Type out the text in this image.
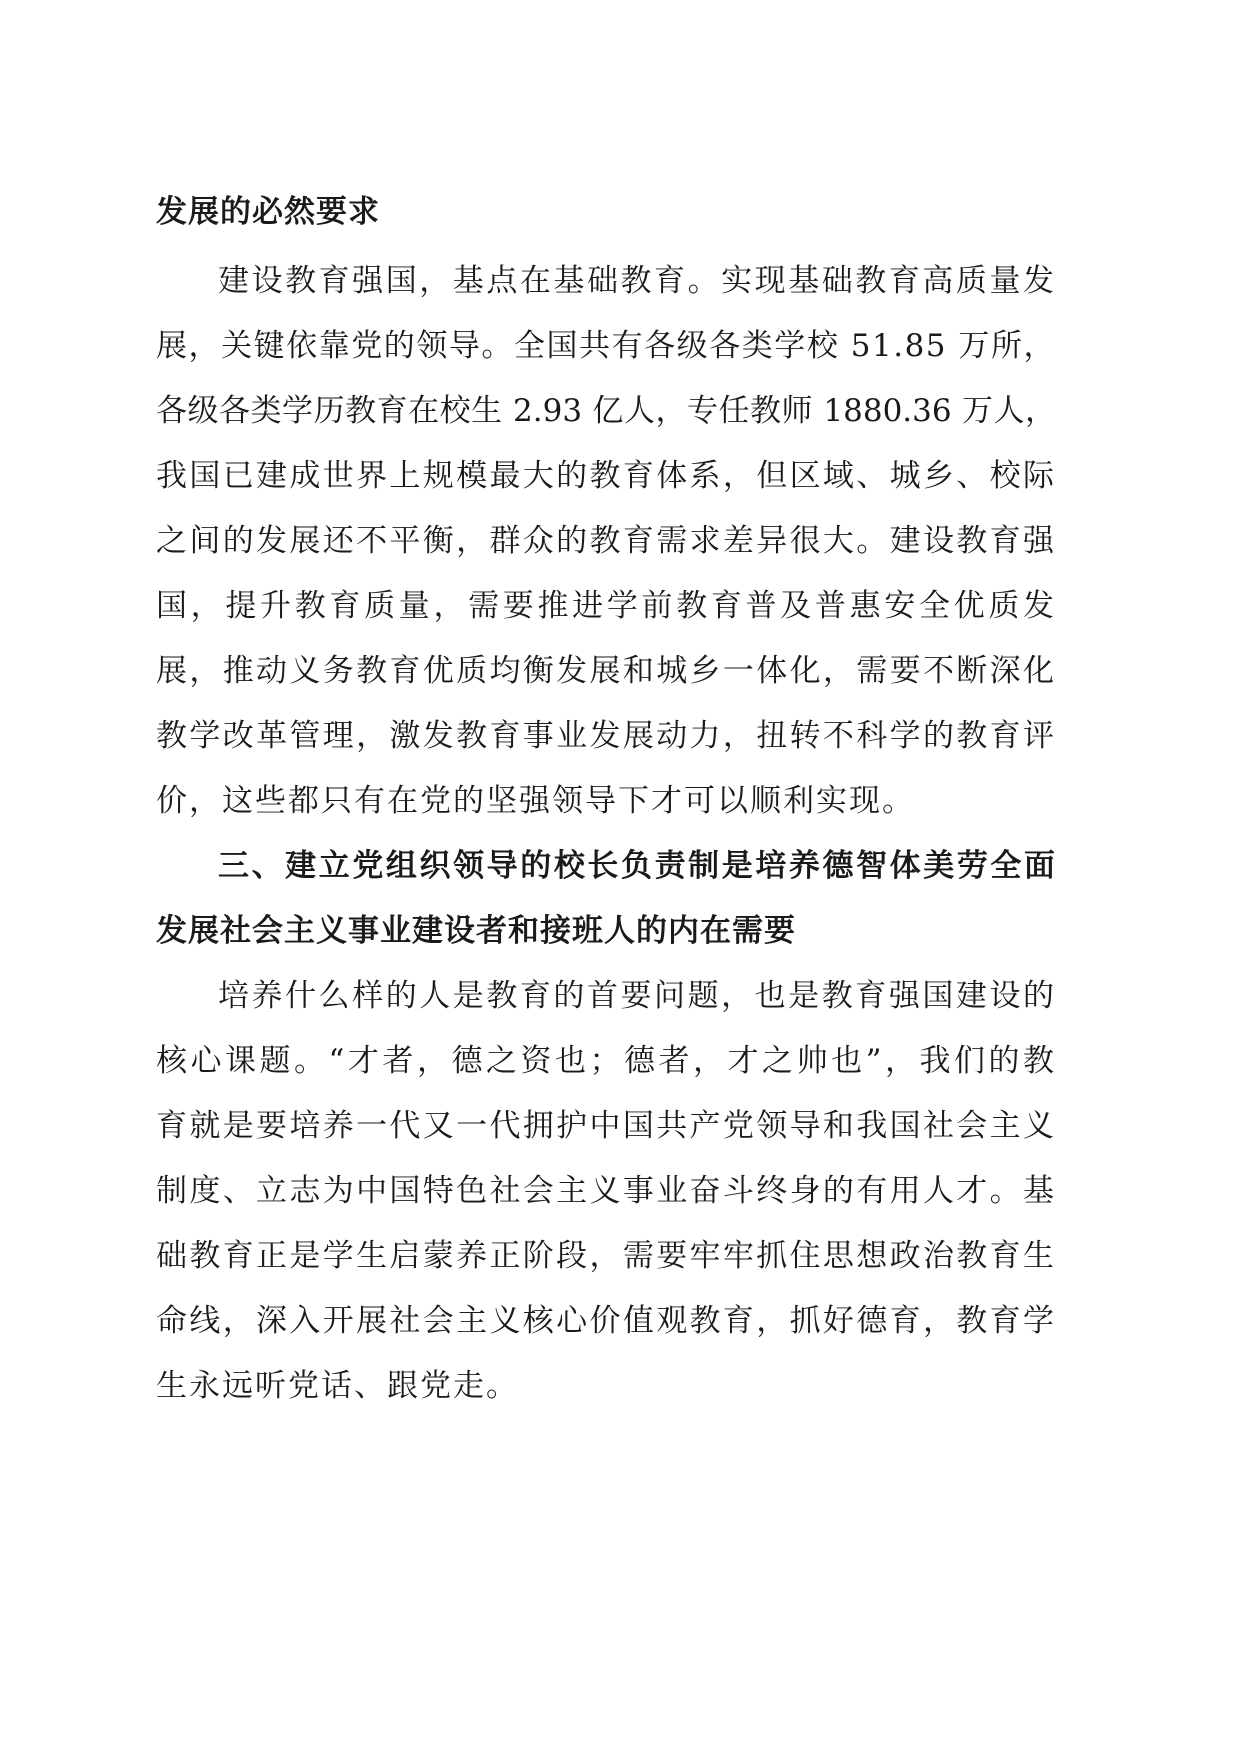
发展的必然要求

建设教育强国，基点在基础教育。实现基础教育高质量发

展，关键依靠党的领导。全国共有各级各类学校 51.85 万所，

各级各类学历教育在校生 2.93 亿人，专任教师 1880.36 万人，

我国已建成世界上规模最大的教育体系，但区域、城乡、校际

之间的发展还不平衡，群众的教育需求差异很大。建设教育强

国，提升教育质量，需要推进学前教育普及普惠安全优质发

展，推动义务教育优质均衡发展和城乡一体化，需要不断深化

教学改革管理，激发教育事业发展动力，扭转不科学的教育评

价，这些都只有在党的坚强领导下才可以顺利实现。

三、建立党组织领导的校长负责制是培养德智体美劳全面

发展社会主义事业建设者和接班人的内在需要

培养什么样的人是教育的首要问题，也是教育强国建设的

核心课题。“才者，德之资也；德者，才之帅也”，我们的教

育就是要培养一代又一代拥护中国共产党领导和我国社会主义

制度、立志为中国特色社会主义事业奋斗终身的有用人才。基

础教育正是学生启蒙养正阶段，需要牢牢抓住思想政治教育生

命线，深入开展社会主义核心价值观教育，抓好德育，教育学

生永远听党话、跟党走。
